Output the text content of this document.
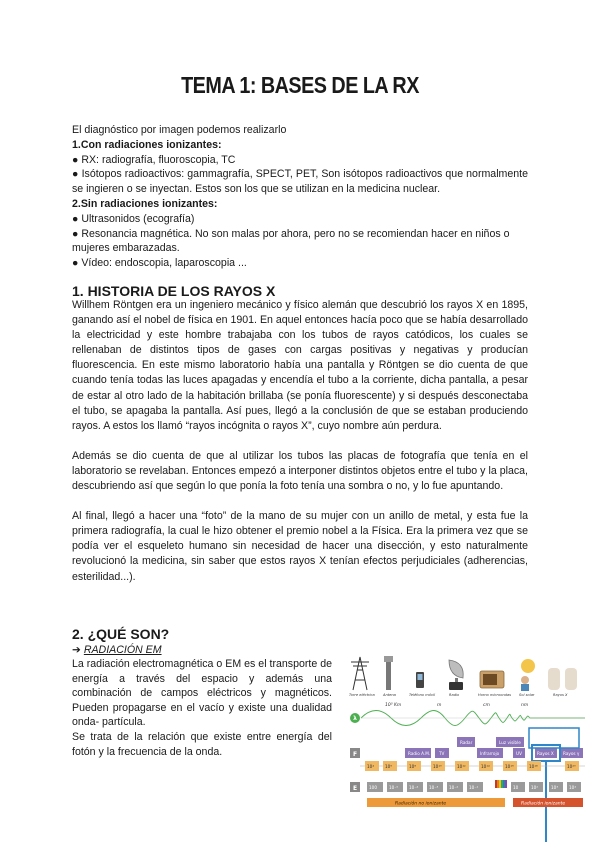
TEMA 1: BASES DE LA RX

El diagnóstico por imagen podemos realizarlo

1.Con radiaciones ionizantes:

● RX: radiografía, fluoroscopia, TC

● Isótopos radioactivos: gammagrafía, SPECT, PET, Son isótopos radioactivos que normalmente se ingieren o se inyectan. Estos son los que se utilizan en la medicina nuclear.

2.Sin radiaciones ionizantes:

● Ultrasonidos (ecografía)

● Resonancia magnética. No son malas por ahora, pero no se recomiendan hacer en niños o mujeres embarazadas.

● Vídeo: endoscopia, laparoscopia ...

1. HISTORIA DE LOS RAYOS X

Willhem Röntgen era un ingeniero mecánico y físico alemán que descubrió los rayos X en 1895, ganando así el nobel de física en 1901. En aquel entonces hacía poco que se había desarrollado la electricidad y este hombre trabajaba con los tubos de rayos catódicos, los cuales se rellenaban de distintos tipos de gases con cargas positivas y negativas y producían fluorescencia. En este mismo laboratorio había una pantalla y Röntgen se dio cuenta de que cuando tenía todas las luces apagadas y encendía el tubo a la corriente, dicha pantalla, a pesar de estar al otro lado de la habitación brillaba (se ponía fluorescente) y si después desconectaba el tubo, se apagaba la pantalla. Así pues, llegó a la conclusión de que se estaban produciendo rayos. A estos los llamó “rayos incógnita o rayos X”, cuyo nombre aún perdura.

Además se dio cuenta de que al utilizar los tubos las placas de fotografía que tenía en el laboratorio se revelaban. Entonces empezó a interponer distintos objetos entre el tubo y la placa, descubriendo así que según lo que ponía la foto tenía una sombra o no, y lo fue apuntando.

Al final, llegó a hacer una “foto” de la mano de su mujer con un anillo de metal, y esta fue la primera radiografía, la cual le hizo obtener el premio nobel a la Física. Era la primera vez que se podía ver el esqueleto humano sin necesidad de hacer una disección, y esto naturalmente revolucionó la medicina, sin saber que estos rayos X tenían efectos perjudiciales (adherencias, esterilidad...).

2. ¿QUÉ SON?
➔ RADIACIÓN EM

La radiación electromagnética o EM es el transporte de energía a través del espacio y además una combinación de campos eléctricos y magnéticos. Pueden propagarse en el vacío y existe una dualidad onda- partícula.

Se trata de la relación que existe entre energía del fotón y la frecuencia de la onda.

Torre eléctrica Antena	Teléfono móvil	Radio	Horno microondas Sol solar	Rayos X
10³ Km	m	cm	nm
λ
Radio A.M. TV
Radar
Infrarrojo
Luz visible
UV	Rayos X Rayos γ
F
10⁴	10⁶	10⁸	10¹⁰	10¹²	10¹⁴	10¹⁶	10¹⁸	10²⁰
E	100	10⁻⁵	10⁻⁴	10⁻³	10⁻²	10⁻¹	10	10²	10³	10⁴
Radiación no ionizante	Radiación ionizante
